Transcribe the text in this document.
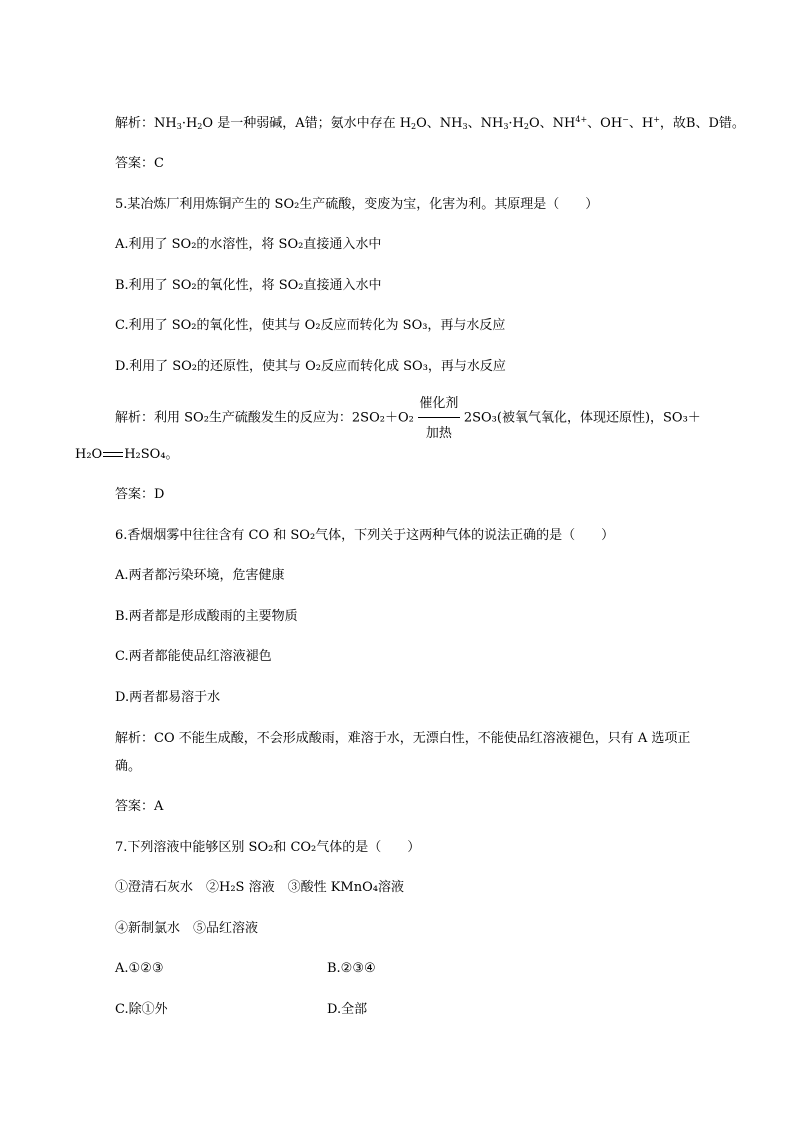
解析：$NH_3\cdot H_2O$ 是一种弱碱，A错；氨水中存在 $H_2O$、$NH_3$、$NH_3\cdot H_2O$、$NH^{4+}$、OH−、H+，故B、D错。
答案：C
5.某冶炼厂利用炼铜产生的 SO₂生产硫酸，变废为宝，化害为利。其原理是（　　）
A.利用了 SO₂的水溶性，将 SO₂直接通入水中
B.利用了 SO₂的氧化性，将 SO₂直接通入水中
C.利用了 SO₂的氧化性，使其与 O₂反应而转化为 SO₃，再与水反应
D.利用了 SO₂的还原性，使其与 O₂反应而转化成 SO₃，再与水反应
解析：利用 SO₂生产硫酸发生的反应为：2SO₂＋O₂
催化剂
加热
2SO₃(被氧气氧化，体现还原性)，SO₃＋
H₂O H₂SO₄。
答案：D
6.香烟烟雾中往往含有 CO 和 SO₂气体，下列关于这两种气体的说法正确的是（　　）
A.两者都污染环境，危害健康
B.两者都是形成酸雨的主要物质
C.两者都能使品红溶液褪色
D.两者都易溶于水
解析：CO 不能生成酸，不会形成酸雨，难溶于水，无漂白性，不能使品红溶液褪色，只有 A 选项正
确。
答案：A
7.下列溶液中能够区别 SO₂和 CO₂气体的是（　　）
①澄清石灰水　②H₂S 溶液　③酸性 KMnO₄溶液
④新制氯水　⑤品红溶液
A.①②③	B.②③④
C.除①外	D.全部
